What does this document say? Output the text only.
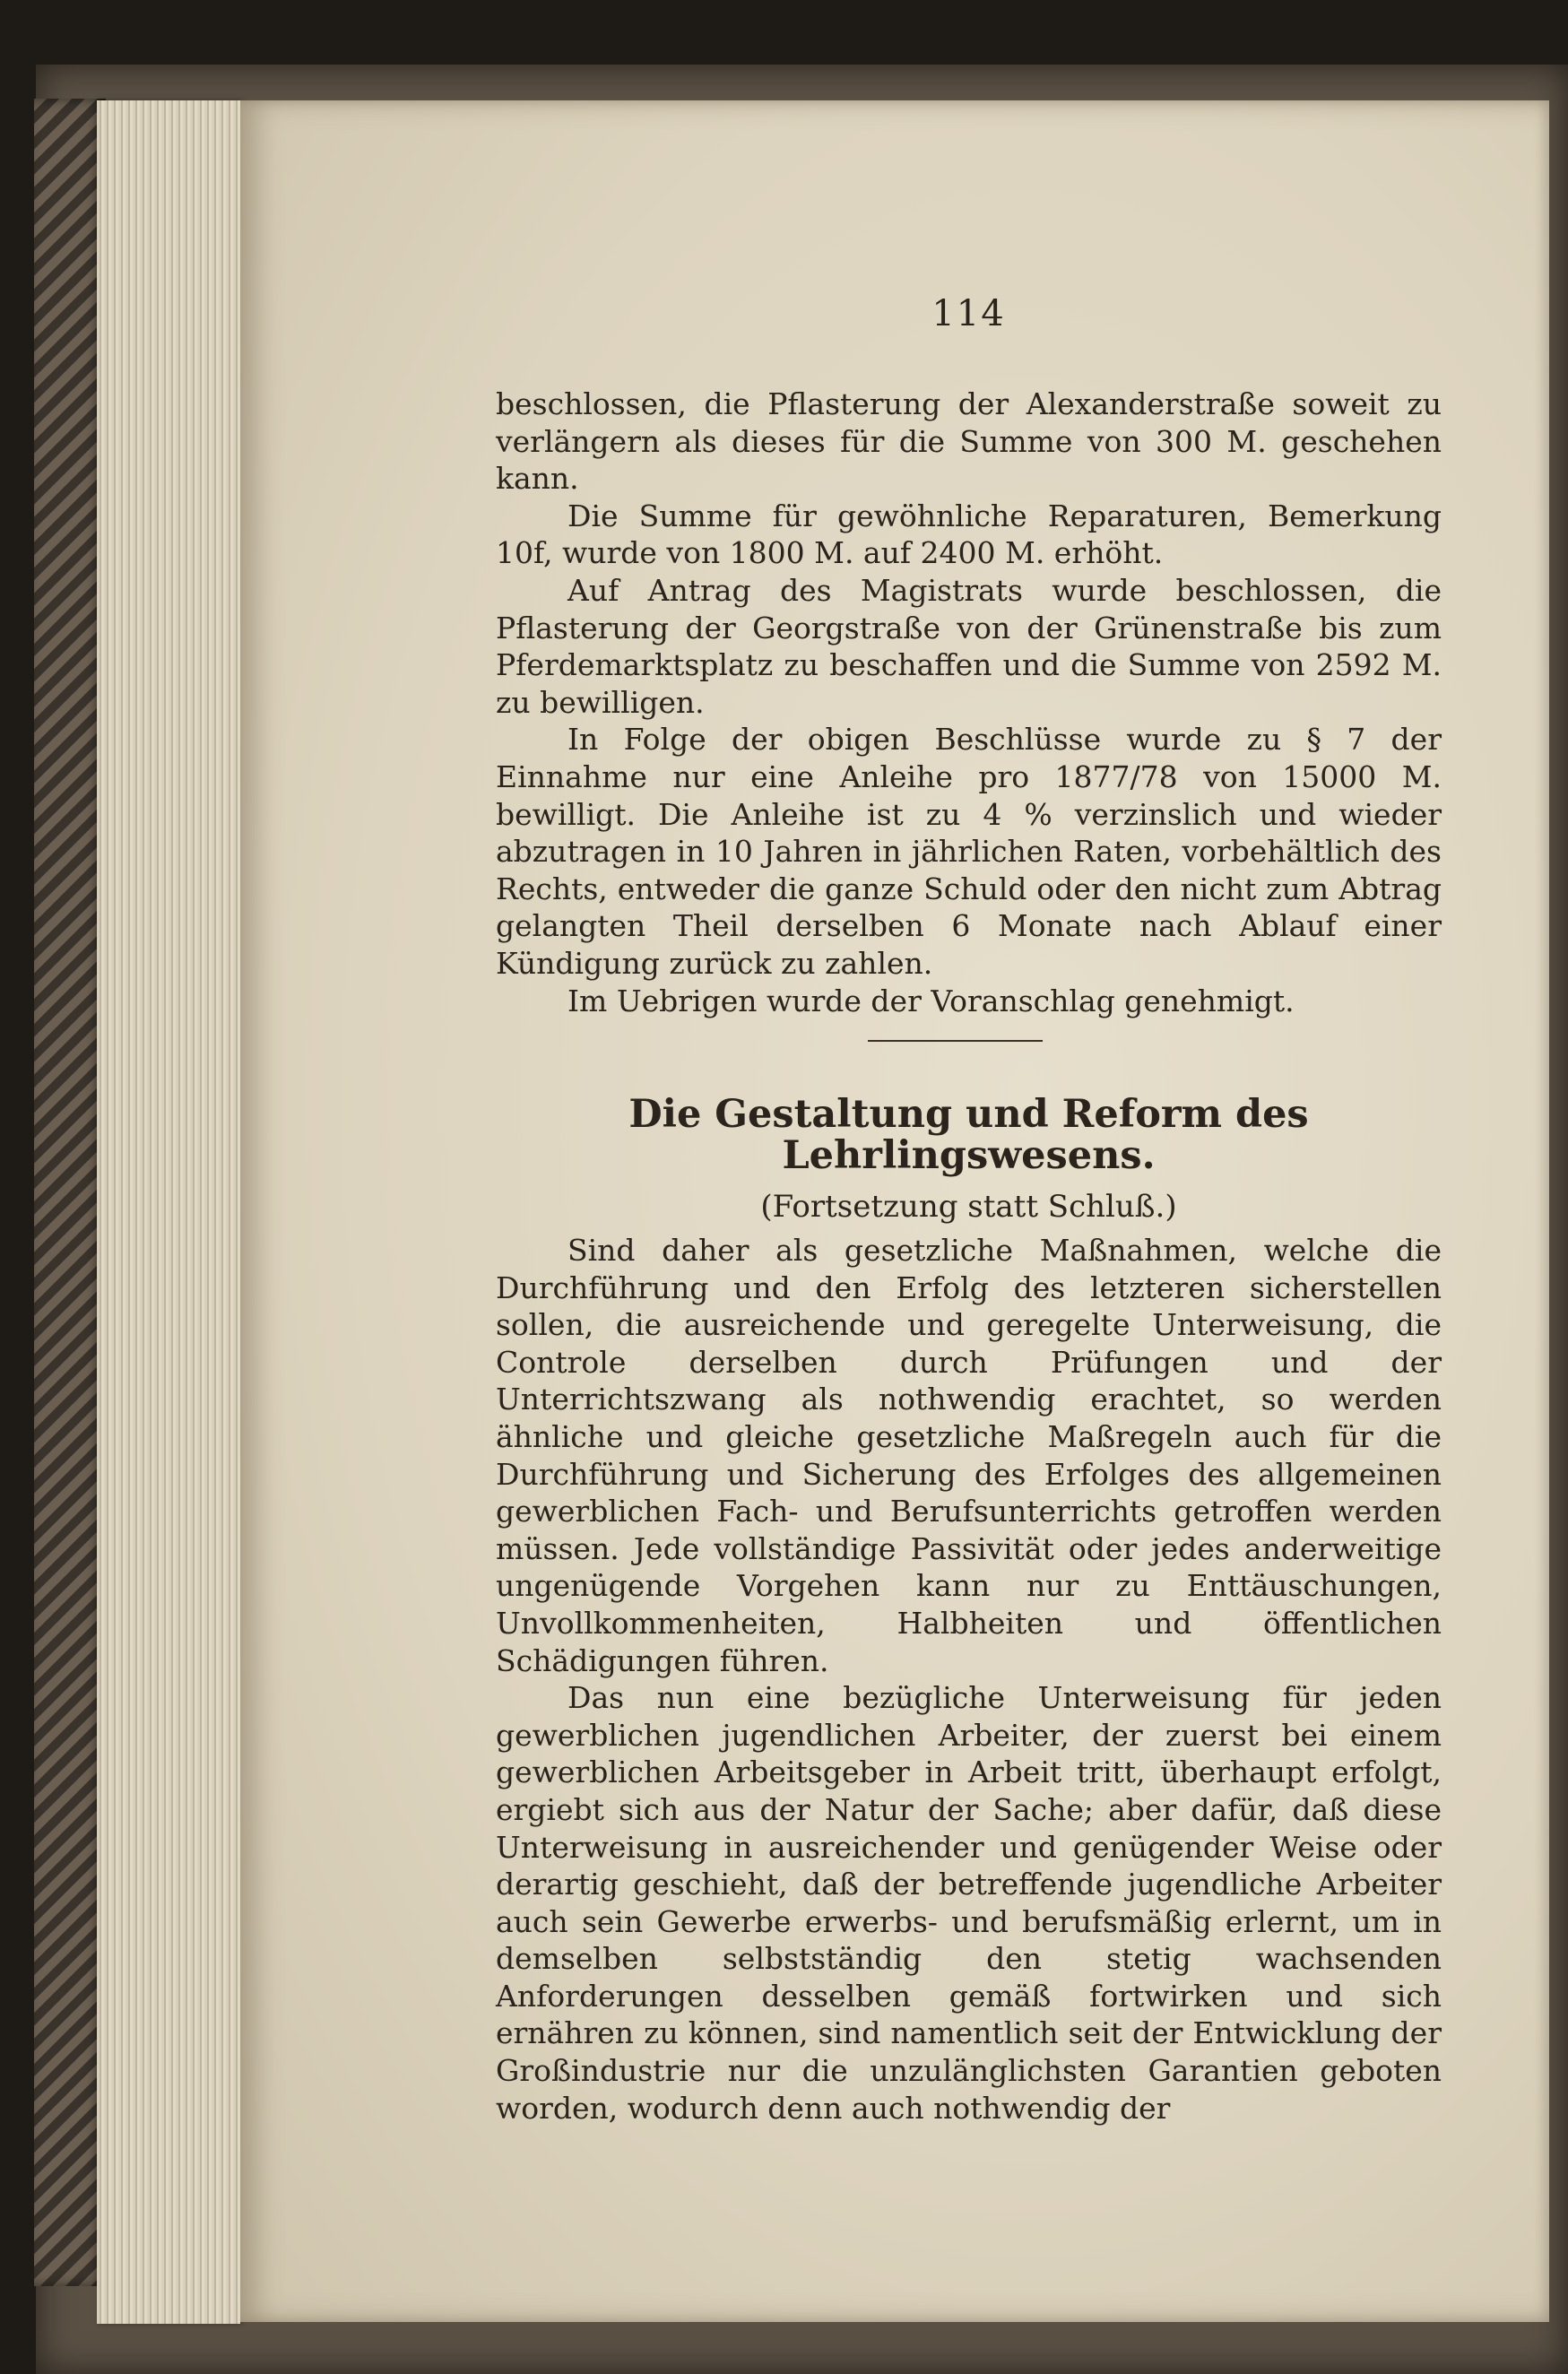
114

beschlossen, die Pflasterung der Alexanderstraße soweit zu verlängern als dieses für die Summe von 300 M. geschehen kann.

Die Summe für gewöhnliche Reparaturen, Bemerkung 10f, wurde von 1800 M. auf 2400 M. erhöht.

Auf Antrag des Magistrats wurde beschlossen, die Pflasterung der Georgstraße von der Grünenstraße bis zum Pferdemarktsplatz zu beschaffen und die Summe von 2592 M. zu bewilligen.

In Folge der obigen Beschlüsse wurde zu § 7 der Einnahme nur eine Anleihe pro 1877/78 von 15000 M. bewilligt. Die Anleihe ist zu 4 % verzinslich und wieder abzutragen in 10 Jahren in jährlichen Raten, vorbehältlich des Rechts, entweder die ganze Schuld oder den nicht zum Abtrag gelangten Theil derselben 6 Monate nach Ablauf einer Kündigung zurück zu zahlen.

Im Uebrigen wurde der Voranschlag genehmigt.

Die Gestaltung und Reform des Lehrlingswesens.
(Fortsetzung statt Schluß.)

Sind daher als gesetzliche Maßnahmen, welche die Durchführung und den Erfolg des letzteren sicherstellen sollen, die ausreichende und geregelte Unterweisung, die Controle derselben durch Prüfungen und der Unterrichtszwang als nothwendig erachtet, so werden ähnliche und gleiche gesetzliche Maßregeln auch für die Durchführung und Sicherung des Erfolges des allgemeinen gewerblichen Fach- und Berufsunterrichts getroffen werden müssen. Jede vollständige Passivität oder jedes anderweitige ungenügende Vorgehen kann nur zu Enttäuschungen, Unvollkommenheiten, Halbheiten und öffentlichen Schädigungen führen.

Das nun eine bezügliche Unterweisung für jeden gewerblichen jugendlichen Arbeiter, der zuerst bei einem gewerblichen Arbeitsgeber in Arbeit tritt, überhaupt erfolgt, ergiebt sich aus der Natur der Sache; aber dafür, daß diese Unterweisung in ausreichender und genügender Weise oder derartig geschieht, daß der betreffende jugendliche Arbeiter auch sein Gewerbe erwerbs- und berufsmäßig erlernt, um in demselben selbstständig den stetig wachsenden Anforderungen desselben gemäß fortwirken und sich ernähren zu können, sind namentlich seit der Entwicklung der Großindustrie nur die unzulänglichsten Garantien geboten worden, wodurch denn auch nothwendig der
